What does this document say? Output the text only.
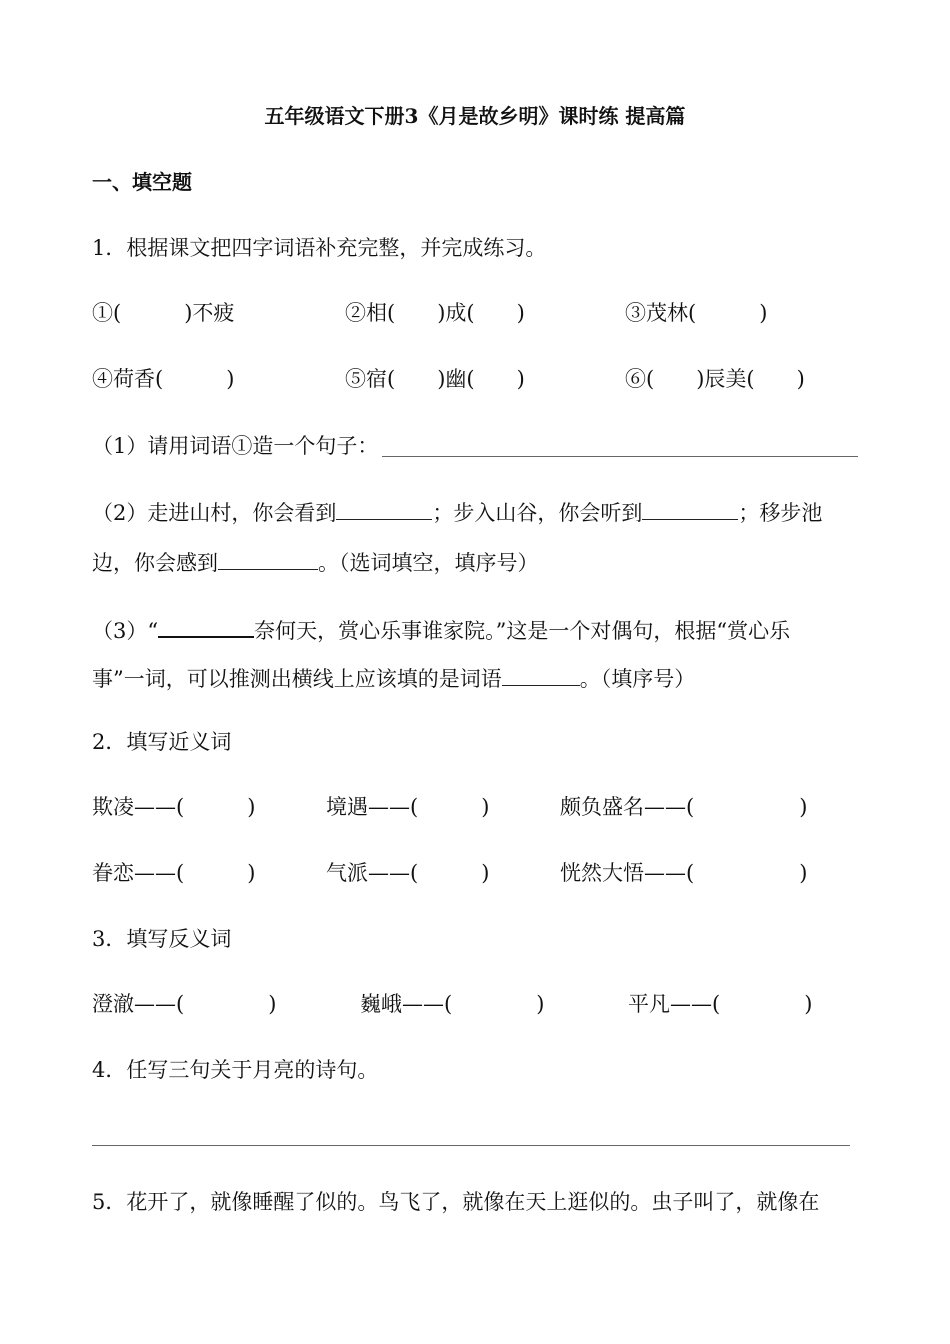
五年级语文下册3《月是故乡明》课时练 提高篇
一、填空题
1．根据课文把四字词语补充完整，并完成练习。
①(　　　)不疲	②相(　　)成(　　)	③茂林(　　　)
④荷香(　　　)	⑤宿(　　)幽(　　)	⑥(　　)辰美(　　)
（1）请用词语①造一个句子：
（2）走进山村，你会看到	；步入山谷，你会听到	；移步池
边，你会感到	。（选词填空，填序号）
（3）“	奈何天，赏心乐事谁家院。”这是一个对偶句，根据“赏心乐
事”一词，可以推测出横线上应该填的是词语	。（填序号）
2．填写近义词
欺凌——(　　　)	境遇——(　　　)	颇负盛名——(　　　　　)
眷恋——(　　　)	气派——(　　　)	恍然大悟——(　　　　　)
3．填写反义词
澄澈——(　　　　)	巍峨——(　　　　)	平凡——(　　　　)
4．任写三句关于月亮的诗句。
5．花开了，就像睡醒了似的。鸟飞了，就像在天上逛似的。虫子叫了，就像在
